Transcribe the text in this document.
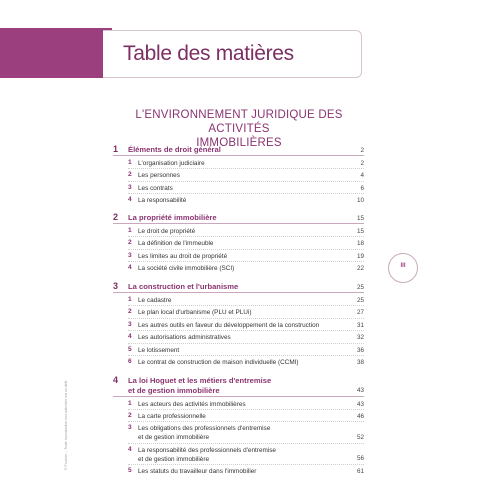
Table des matières
L'ENVIRONNEMENT JURIDIQUE DES ACTIVITÉS
IMMOBILIÈRES
III
© Foucher – Toute reproduction non autorisée est un délit
1 Éléments de droit général	2
1 L'organisation judiciaire	2
2 Les personnes	4
3 Les contrats	6
4 La responsabilité	10
2 La propriété immobilière	15
1 Le droit de propriété	15
2 La définition de l'immeuble	18
3 Les limites au droit de propriété	19
4 La société civile immobilière (SCI)	22
3 La construction et l'urbanisme	25
1 Le cadastre	25
2 Le plan local d'urbanisme (PLU et PLUi)	27
3 Les autres outils en faveur du développement de la construction	31
4 Les autorisations administratives	32
5 Le lotissement	36
6 Le contrat de construction de maison individuelle (CCMI)	38
4 La loi Hoguet et les métiers d'entremise
et de gestion immobilière	43
1 Les acteurs des activités immobilières	43
2 La carte professionnelle	46
3 Les obligations des professionnels d'entremise
et de gestion immobilière	52
4 La responsabilité des professionnels d'entremise
et de gestion immobilière	56
5 Les statuts du travailleur dans l'immobilier	61
